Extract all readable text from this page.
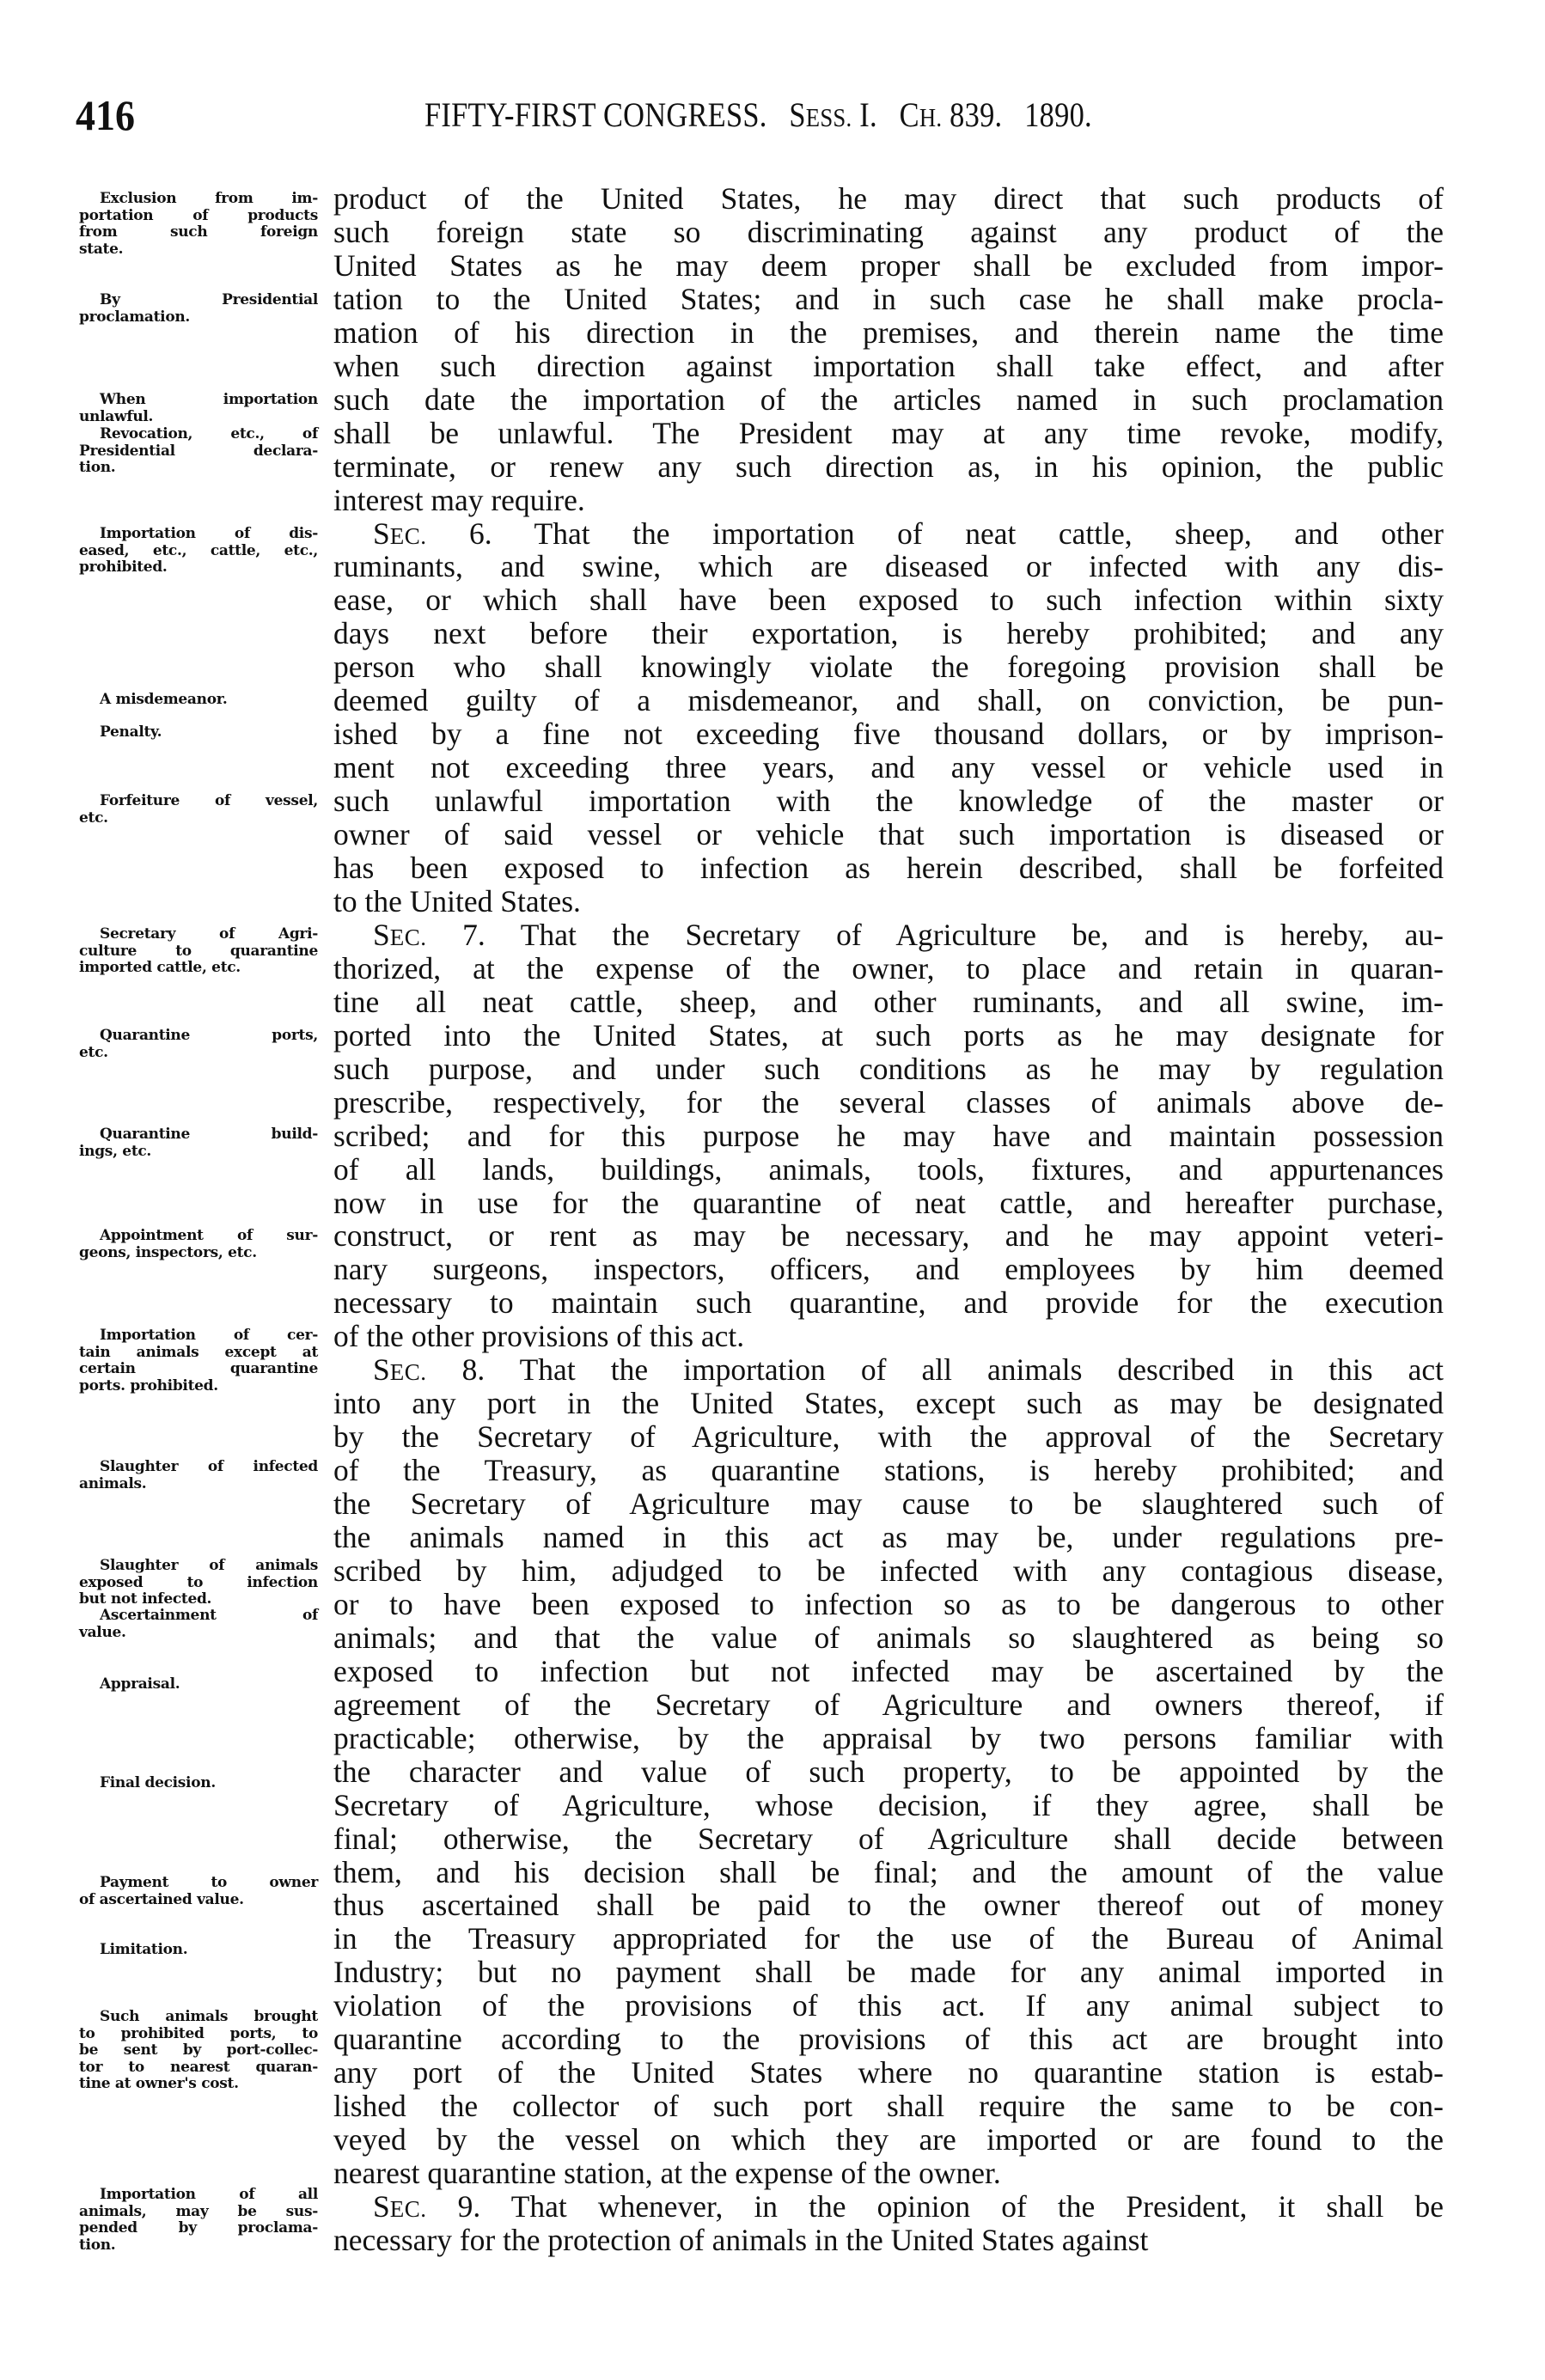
416	FIFTY-FIRST CONGRESS. SESS. I. CH. 839. 1890.
Exclusion from im-
portation of products
from such foreign
state.
By Presidential
proclamation.
When importation
unlawful.
Revocation, etc., of
Presidential declara-
tion.
Importation of dis-
eased, etc., cattle, etc.,
prohibited.
A misdemeanor.
Penalty.
Forfeiture of vessel,
etc.
Secretary of Agri-
culture to quarantine
imported cattle, etc.
Quarantine ports,
etc.
Quarantine build-
ings, etc.
Appointment of sur-
geons, inspectors, etc.
Importation of cer-
tain animals except at
certain quarantine
ports. prohibited.
Slaughter of infected
animals.
Slaughter of animals
exposed to infection
but not infected.
Ascertainment of
value.
Appraisal.
Final decision.
Payment to owner
of ascertained value.
Limitation.
Such animals brought
to prohibited ports, to
be sent by port-collec-
tor to nearest quaran-
tine at owner's cost.
Importation of all
animals, may be sus-
pended by proclama-
tion.
product of the United States, he may direct that such products of
such foreign state so discriminating against any product of the
United States as he may deem proper shall be excluded from impor-
tation to the United States; and in such case he shall make procla-
mation of his direction in the premises, and therein name the time
when such direction against importation shall take effect, and after
such date the importation of the articles named in such proclamation
shall be unlawful. The President may at any time revoke, modify,
terminate, or renew any such direction as, in his opinion, the public
interest may require.
SEC. 6. That the importation of neat cattle, sheep, and other
ruminants, and swine, which are diseased or infected with any dis-
ease, or which shall have been exposed to such infection within sixty
days next before their exportation, is hereby prohibited; and any
person who shall knowingly violate the foregoing provision shall be
deemed guilty of a misdemeanor, and shall, on conviction, be pun-
ished by a fine not exceeding five thousand dollars, or by imprison-
ment not exceeding three years, and any vessel or vehicle used in
such unlawful importation with the knowledge of the master or
owner of said vessel or vehicle that such importation is diseased or
has been exposed to infection as herein described, shall be forfeited
to the United States.
SEC. 7. That the Secretary of Agriculture be, and is hereby, au-
thorized, at the expense of the owner, to place and retain in quaran-
tine all neat cattle, sheep, and other ruminants, and all swine, im-
ported into the United States, at such ports as he may designate for
such purpose, and under such conditions as he may by regulation
prescribe, respectively, for the several classes of animals above de-
scribed; and for this purpose he may have and maintain possession
of all lands, buildings, animals, tools, fixtures, and appurtenances
now in use for the quarantine of neat cattle, and hereafter purchase,
construct, or rent as may be necessary, and he may appoint veteri-
nary surgeons, inspectors, officers, and employees by him deemed
necessary to maintain such quarantine, and provide for the execution
of the other provisions of this act.
SEC. 8. That the importation of all animals described in this act
into any port in the United States, except such as may be designated
by the Secretary of Agriculture, with the approval of the Secretary
of the Treasury, as quarantine stations, is hereby prohibited; and
the Secretary of Agriculture may cause to be slaughtered such of
the animals named in this act as may be, under regulations pre-
scribed by him, adjudged to be infected with any contagious disease,
or to have been exposed to infection so as to be dangerous to other
animals; and that the value of animals so slaughtered as being so
exposed to infection but not infected may be ascertained by the
agreement of the Secretary of Agriculture and owners thereof, if
practicable; otherwise, by the appraisal by two persons familiar with
the character and value of such property, to be appointed by the
Secretary of Agriculture, whose decision, if they agree, shall be
final; otherwise, the Secretary of Agriculture shall decide between
them, and his decision shall be final; and the amount of the value
thus ascertained shall be paid to the owner thereof out of money
in the Treasury appropriated for the use of the Bureau of Animal
Industry; but no payment shall be made for any animal imported in
violation of the provisions of this act. If any animal subject to
quarantine according to the provisions of this act are brought into
any port of the United States where no quarantine station is estab-
lished the collector of such port shall require the same to be con-
veyed by the vessel on which they are imported or are found to the
nearest quarantine station, at the expense of the owner.
SEC. 9. That whenever, in the opinion of the President, it shall be
necessary for the protection of animals in the United States against
